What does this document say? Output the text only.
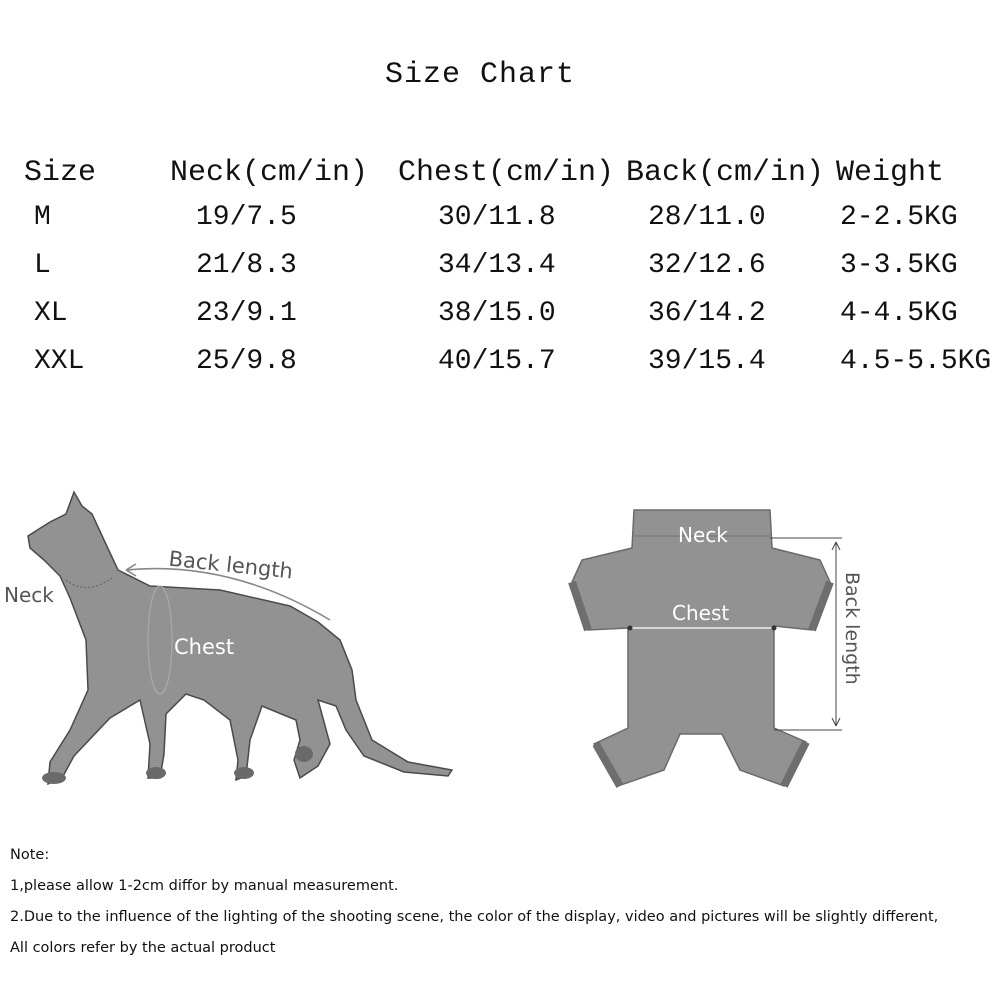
Size Chart
Size Neck(cm/in) Chest(cm/in) Back(cm/in) Weight
M	19/7.5	30/11.8	28/11.0	2-2.5KG
L	21/8.3	34/13.4	32/12.6	3-3.5KG
XL	23/9.1	38/15.0	36/14.2	4-4.5KG
XXL	25/9.8	40/15.7	39/15.4	4.5-5.5KG
Neck
Back length
Chest
Neck
Chest	Back length
Note:
1,please allow 1-2cm diffor by manual measurement.
2.Due to the influence of the lighting of the shooting scene, the color of the display, video and pictures will be slightly different,
All colors refer by the actual product
